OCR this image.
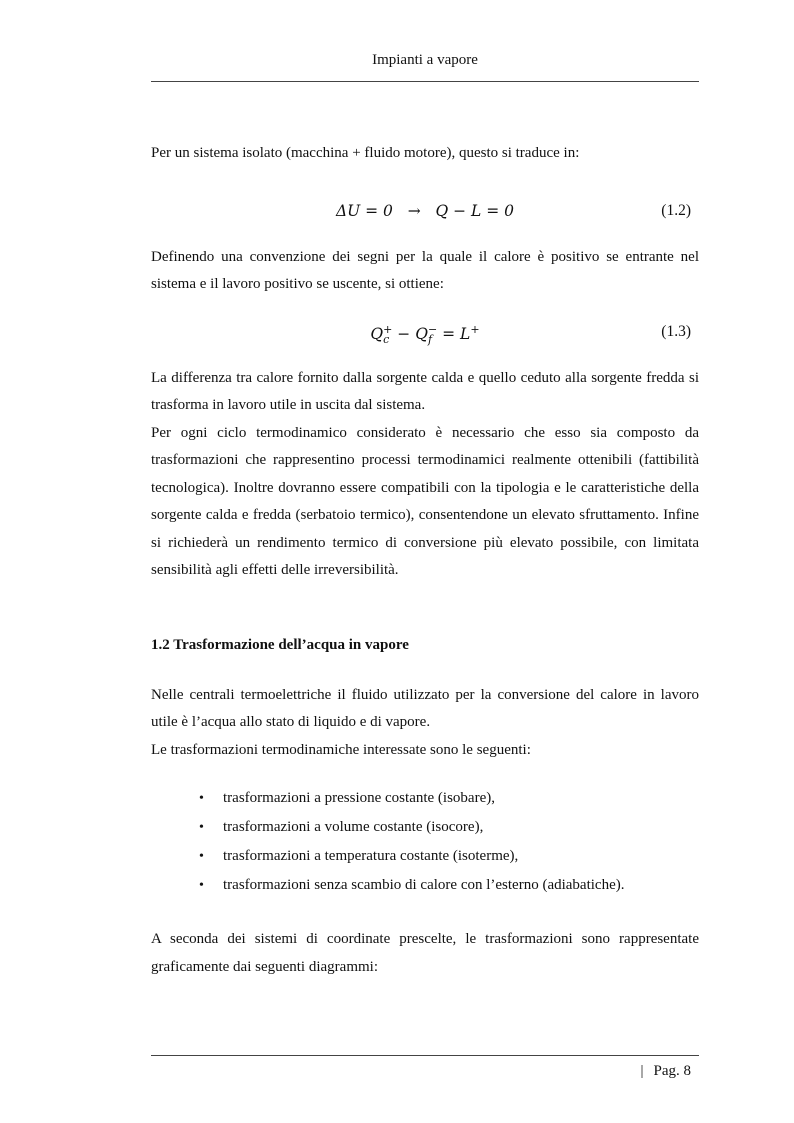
Impianti a vapore

Per un sistema isolato (macchina + fluido motore), questo si traduce in:

ΔU = 0 → Q − L = 0	(1.2)

Definendo una convenzione dei segni per la quale il calore è positivo se entrante nel sistema e il lavoro positivo se uscente, si ottiene:

Q +
c − Q −
f = L+	(1.3)

La differenza tra calore fornito dalla sorgente calda e quello ceduto alla sorgente fredda si trasforma in lavoro utile in uscita dal sistema.

Per ogni ciclo termodinamico considerato è necessario che esso sia composto da trasformazioni che rappresentino processi termodinamici realmente ottenibili (fattibilità tecnologica). Inoltre dovranno essere compatibili con la tipologia e le caratteristiche della sorgente calda e fredda (serbatoio termico), consentendone un elevato sfruttamento. Infine si richiederà un rendimento termico di conversione più elevato possibile, con limitata sensibilità agli effetti delle irreversibilità.

1.2 Trasformazione dell’acqua in vapore

Nelle centrali termoelettriche il fluido utilizzato per la conversione del calore in lavoro utile è l’acqua allo stato di liquido e di vapore.

Le trasformazioni termodinamiche interessate sono le seguenti:

• trasformazioni a pressione costante (isobare),
• trasformazioni a volume costante (isocore),
• trasformazioni a temperatura costante (isoterme),
• trasformazioni senza scambio di calore con l’esterno (adiabatiche).

A seconda dei sistemi di coordinate prescelte, le trasformazioni sono rappresentate graficamente dai seguenti diagrammi:

| Pag. 8
